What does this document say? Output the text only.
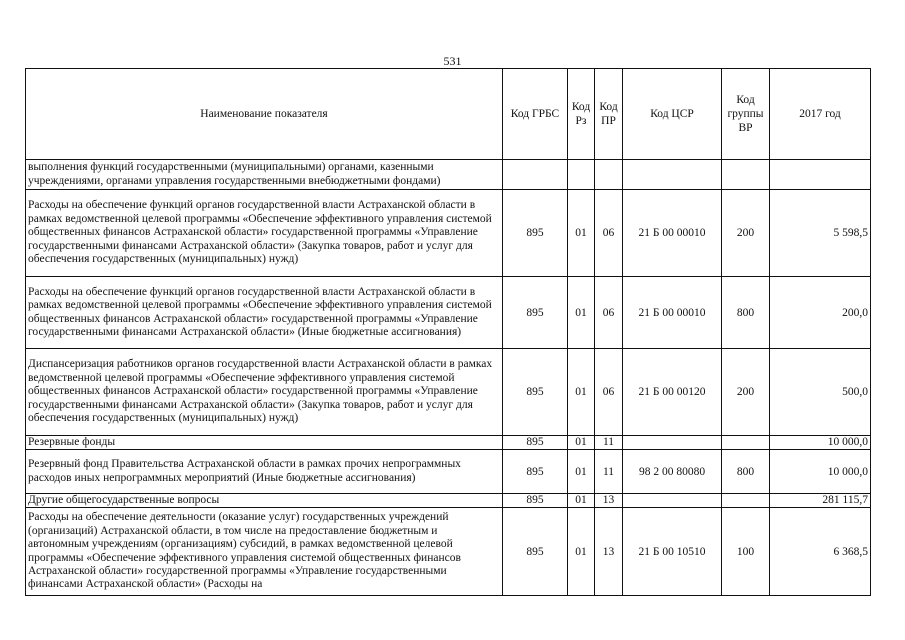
531
Наименование показателя	Код ГРБС	Код Рз	Код ПР	Код ЦСР	Код группы ВР	2017 год
выполнения функций государственными (муниципальными) органами, казенными учреждениями, органами управления государственными внебюджетными фондами)						
Расходы на обеспечение функций органов государственной власти Астраханской области в рамках ведомственной целевой программы «Обеспечение эффективного управления системой общественных финансов Астраханской области» государственной программы «Управление государственными финансами Астраханской области» (Закупка товаров, работ и услуг для обеспечения государственных (муниципальных) нужд)	895	01	06	21 Б 00 00010	200	5 598,5
Расходы на обеспечение функций органов государственной власти Астраханской области в рамках ведомственной целевой программы «Обеспечение эффективного управления системой общественных финансов Астраханской области» государственной программы «Управление государственными финансами Астраханской области» (Иные бюджетные ассигнования)	895	01	06	21 Б 00 00010	800	200,0
Диспансеризация работников органов государственной власти Астраханской области в рамках ведомственной целевой программы «Обеспечение эффективного управления системой общественных финансов Астраханской области» государственной программы «Управление государственными финансами Астраханской области» (Закупка товаров, работ и услуг для обеспечения государственных (муниципальных) нужд)	895	01	06	21 Б 00 00120	200	500,0
Резервные фонды	895	01	11			10 000,0
Резервный фонд Правительства Астраханской области в рамках прочих непрограммных расходов иных непрограммных мероприятий (Иные бюджетные ассигнования)	895	01	11	98 2 00 80080	800	10 000,0
Другие общегосударственные вопросы	895	01	13			281 115,7
Расходы на обеспечение деятельности (оказание услуг) государственных учреждений (организаций) Астраханской области, в том числе на предоставление бюджетным и автономным учреждениям (организациям) субсидий, в рамках ведомственной целевой программы «Обеспечение эффективного управления системой общественных финансов Астраханской области» государственной программы «Управление государственными финансами Астраханской области» (Расходы на	895	01	13	21 Б 00 10510	100	6 368,5
